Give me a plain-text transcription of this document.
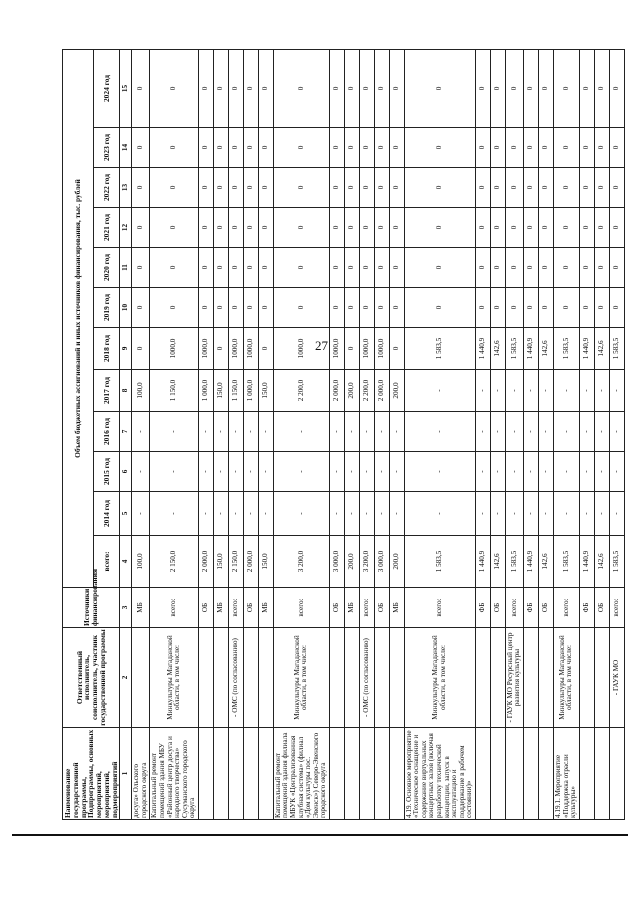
27
Наименование государственной программы, Подпрограммы, основных мероприятий, мероприятий, подмероприятий	Ответственный исполнитель, соисполнитель, участник государственной программы	Источники финансирования	Объем бюджетных ассигнований и иных источников финансирования, тыс. рублей												
			всего:	2014 год	2015 год	2016 год	2017 год	2018 год	2019 год	2020 год	2021 год	2022 год	2023 год	2024 год	
1	2	3	4	5	6	7	8	9	10	11	12	13	14	15	
досуга» Ольского городского округа		МБ	100,0	-	-	-	100,0	0	0	0	0	0	0	0	
Капитальный ремонт помещений здания МБУ «Районный центр досуга и народного творчества» Сусуманского городского округа	Минкультуры Магаданской области, в том числе:	всего:	2 150,0	-	-	-	1 150,0	1000,0	0	0	0	0	0	0	
		ОБ	2 000,0	-	-	-	1 000,0	1000,0	0	0	0	0	0	0	
		МБ	150,0	-	-	-	150,0	0	0	0	0	0	0	0	
	- ОМС (по согласованию)	всего:	2 150,0	-	-	-	1 150,0	1000,0	0	0	0	0	0	0	
		ОБ	2 000,0	-	-	-	1 000,0	1000,0	0	0	0	0	0	0	
		МБ	150,0	-	-	-	150,0	0	0	0	0	0	0	0	
Капитальный ремонт помещений здания филиала МБУК «Централизованная клубная система» (филиал «Дом культуры пос. Эвенск») Северо-Эвенского городского округа	Минкультуры Магаданской области, в том числе:	всего:	3 200,0	-	-	-	2 200,0	1000,0	0	0	0	0	0	0	
		ОБ	3 000,0	-	-	-	2 000,0	1000,0	0	0	0	0	0	0	
		МБ	200,0	-	-	-	200,0	0	0	0	0	0	0	0	
	- ОМС (по согласованию)	всего:	3 200,0	-	-	-	2 200,0	1000,0	0	0	0	0	0	0	
		ОБ	3 000,0	-	-	-	2 000,0	1000,0	0	0	0	0	0	0	
		МБ	200,0	-	-	-	200,0	0	0	0	0	0	0	0	
4.19. Основное мероприятие «Техническое оснащение и содержание виртуальных концертных залов (включая разработку технической концепции, запуск в эксплуатацию и поддержание в рабочем состоянии)»	Минкультуры Магаданской области, в том числе:	всего:	1 583,5	-	-	-	-	1 583,5	0	0	0	0	0	0	
		ФБ	1 440,9	-	-	-	-	1 440,9	0	0	0	0	0	0	
		ОБ	142,6	-	-	-	-	142,6	0	0	0	0	0	0	
	- ГАУК МО Ресурсный центр развития культуры	всего:	1 583,5	-	-	-	-	1 583,5	0	0	0	0	0	0	
		ФБ	1 440,9	-	-	-	-	1 440,9	0	0	0	0	0	0	
		ОБ	142,6	-	-	-	-	142,6	0	0	0	0	0	0	
4.19.1. Мероприятие «Поддержка отрасли культуры»	Минкультуры Магаданской области, в том числе:	всего:	1 583,5	-	-	-	-	1 583,5	0	0	0	0	0	0	
		ФБ	1 440,9	-	-	-	-	1 440,9	0	0	0	0	0	0	
		ОБ	142,6	-	-	-	-	142,6	0	0	0	0	0	0	
	- ГАУК МО	всего:	1 583,5	-	-	-	-	1 583,5	0	0	0	0	0	0	
